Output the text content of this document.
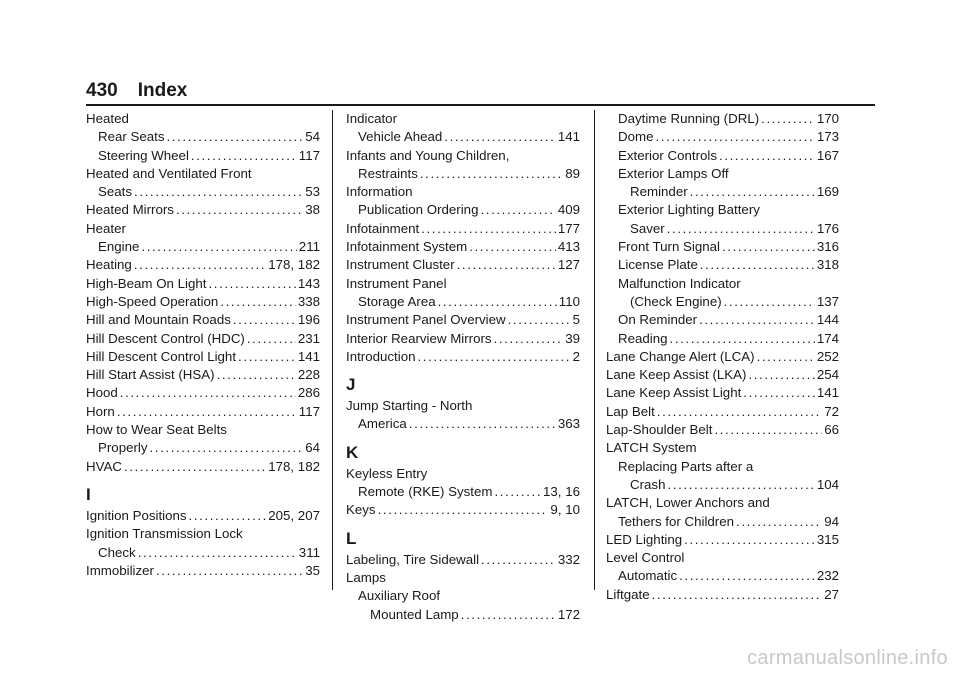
430 Index
Heated
Rear Seats .....	54
Steering Wheel .....	117
Heated and Ventilated Front
Seats .....	53
Heated Mirrors .....	38
Heater
Engine .....	211
Heating .....	178, 182
High-Beam On Light .....	143
High-Speed Operation .....	338
Hill and Mountain Roads .....	196
Hill Descent Control (HDC) .....	231
Hill Descent Control Light .....	141
Hill Start Assist (HSA) .....	228
Hood .....	286
Horn .....	117
How to Wear Seat Belts
Properly .....	64
HVAC .....	178, 182
I
Ignition Positions .....	205, 207
Ignition Transmission Lock
Check .....	311
Immobilizer .....	35
Indicator
Vehicle Ahead .....	141
Infants and Young Children,
Restraints .....	89
Information
Publication Ordering .....	409
Infotainment .....	177
Infotainment System .....	413
Instrument Cluster .....	127
Instrument Panel
Storage Area .....	110
Instrument Panel Overview .....	5
Interior Rearview Mirrors .....	39
Introduction .....	2
J
Jump Starting - North
America .....	363
K
Keyless Entry
Remote (RKE) System .....	13, 16
Keys .....	9, 10
L
Labeling, Tire Sidewall .....	332
Lamps
Auxiliary Roof
Mounted Lamp .....	172
Daytime Running (DRL) .....	170
Dome .....	173
Exterior Controls .....	167
Exterior Lamps Off
Reminder .....	169
Exterior Lighting Battery
Saver .....	176
Front Turn Signal .....	316
License Plate .....	318
Malfunction Indicator
(Check Engine) .....	137
On Reminder .....	144
Reading .....	174
Lane Change Alert (LCA) .....	252
Lane Keep Assist (LKA) .....	254
Lane Keep Assist Light .....	141
Lap Belt .....	72
Lap-Shoulder Belt .....	66
LATCH System
Replacing Parts after a
Crash .....	104
LATCH, Lower Anchors and
Tethers for Children .....	94
LED Lighting .....	315
Level Control
Automatic .....	232
Liftgate .....	27
carmanualsonline.info
